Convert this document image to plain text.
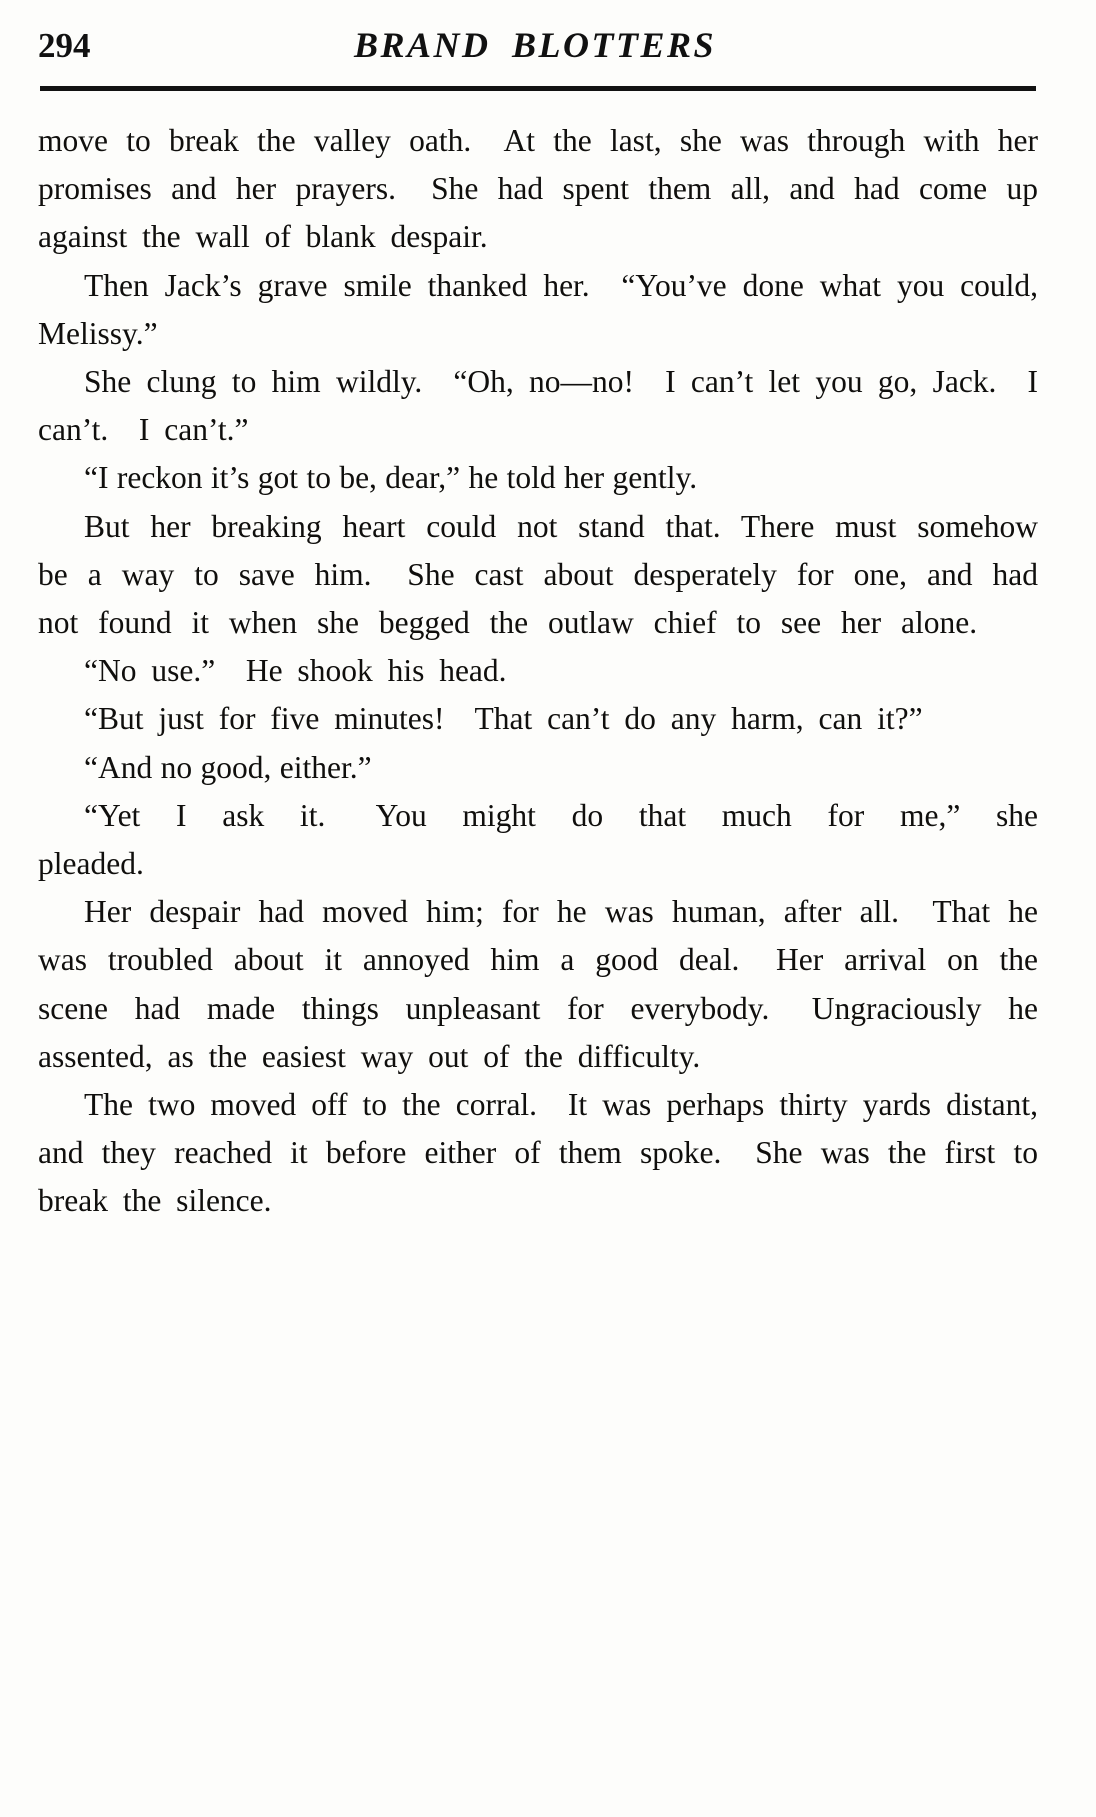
294	BRAND BLOTTERS

move to break the valley oath.  At the last, she was through with her promises and her prayers.  She had spent them all, and had come up against the wall of blank despair.

Then Jack’s grave smile thanked her.  “You’ve done what you could, Melissy.”

She clung to him wildly.  “Oh, no—no!  I can’t let you go, Jack.  I can’t.  I can’t.”

“I reckon it’s got to be, dear,” he told her gently.

But her breaking heart could not stand that. There must somehow be a way to save him.  She cast about desperately for one, and had not found it when she begged the outlaw chief to see her alone.

“No use.”  He shook his head.

“But just for five minutes!  That can’t do any harm, can it?”

“And no good, either.”

“Yet I ask it.  You might do that much for me,” she pleaded.

Her despair had moved him; for he was human, after all.  That he was troubled about it annoyed him a good deal.  Her arrival on the scene had made things unpleasant for everybody.  Ungraciously he assented, as the easiest way out of the difficulty.

The two moved off to the corral.  It was perhaps thirty yards distant, and they reached it before either of them spoke.  She was the first to break the silence.
